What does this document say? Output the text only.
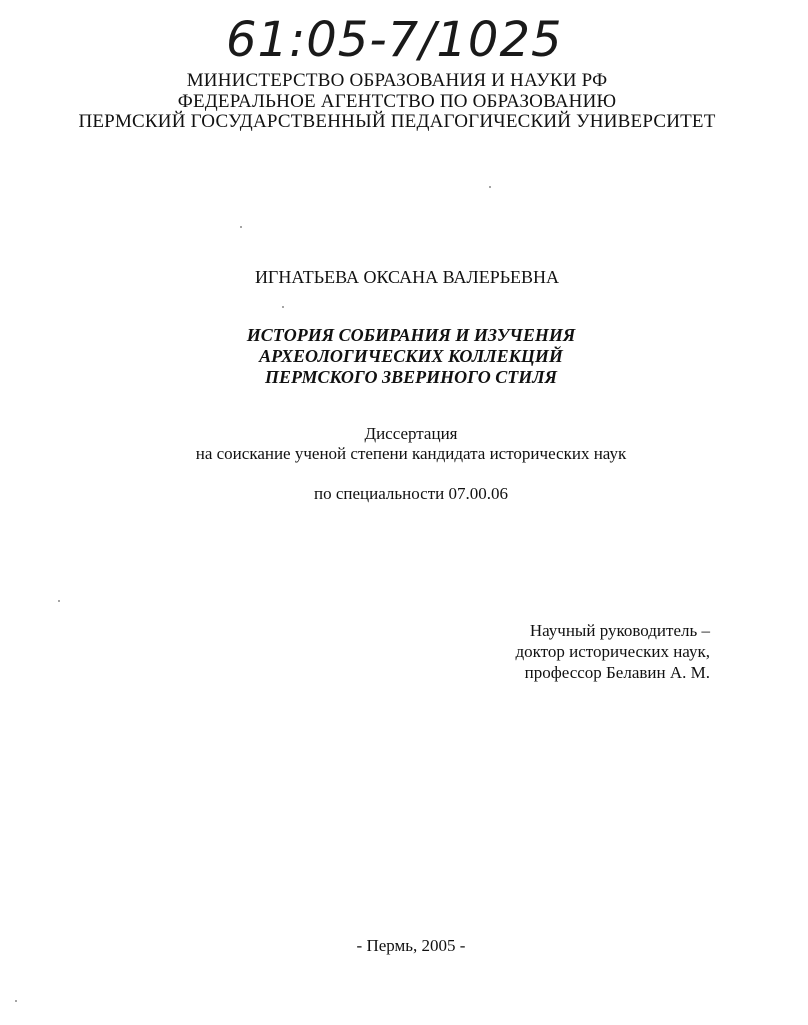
61:05-7/1025
МИНИСТЕРСТВО ОБРАЗОВАНИЯ И НАУКИ РФ
ФЕДЕРАЛЬНОЕ АГЕНТСТВО ПО ОБРАЗОВАНИЮ
ПЕРМСКИЙ ГОСУДАРСТВЕННЫЙ ПЕДАГОГИЧЕСКИЙ УНИВЕРСИТЕТ
ИГНАТЬЕВА ОКСАНА ВАЛЕРЬЕВНА
ИСТОРИЯ СОБИРАНИЯ И ИЗУЧЕНИЯ
АРХЕОЛОГИЧЕСКИХ КОЛЛЕКЦИЙ
ПЕРМСКОГО ЗВЕРИНОГО СТИЛЯ
Диссертация
на соискание ученой степени кандидата исторических наук
по специальности 07.00.06
Научный руководитель –
доктор исторических наук,
профессор Белавин А. М.
- Пермь, 2005 -
